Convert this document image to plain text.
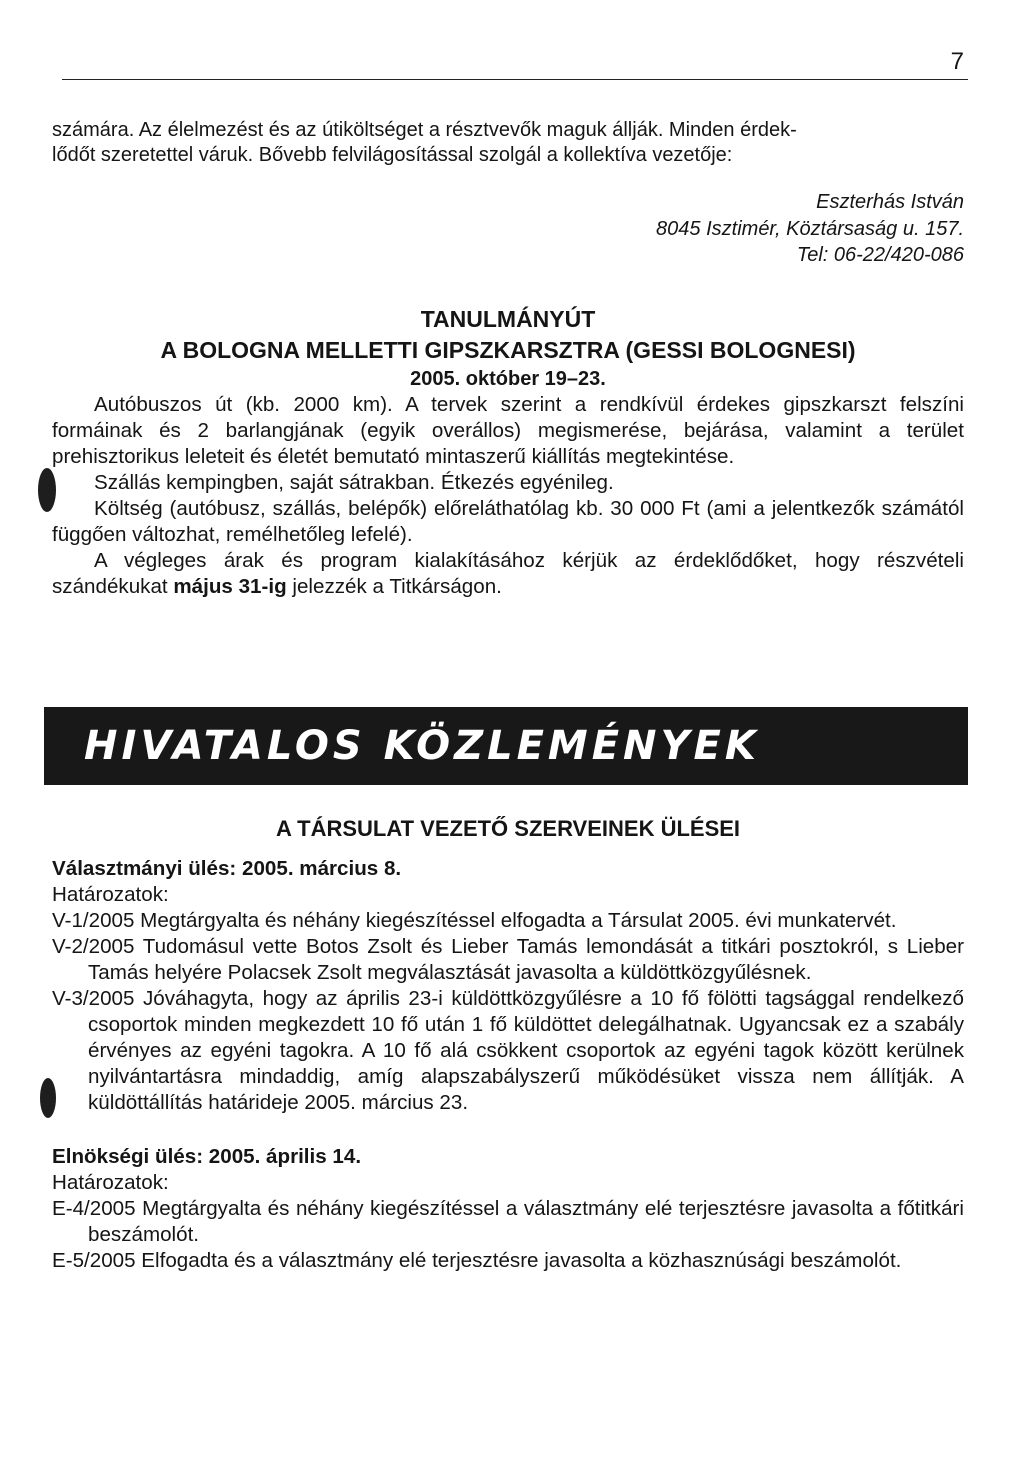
7

számára. Az élelmezést és az útiköltséget a résztvevők maguk állják. Minden érdek-

lődőt szeretettel váruk. Bővebb felvilágosítással szolgál a kollektíva vezetője:

Eszterhás István
8045 Isztimér, Köztársaság u. 157.
Tel: 06-22/420-086
TANULMÁNYÚT
A BOLOGNA MELLETTI GIPSZKARSZTRA (GESSI BOLOGNESI)
2005. október 19–23.

Autóbuszos út (kb. 2000 km). A tervek szerint a rendkívül érdekes gipszkarszt felszíni formáinak és 2 barlangjának (egyik overállos) megismerése, bejárása, valamint a terület prehisztorikus leleteit és életét bemutató mintaszerű kiállítás megtekintése.

Szállás kempingben, saját sátrakban. Étkezés egyénileg.

Költség (autóbusz, szállás, belépők) előreláthatólag kb. 30 000 Ft (ami a jelentkezők számától függően változhat, remélhetőleg lefelé).

A végleges árak és program kialakításához kérjük az érdeklődőket, hogy részvételi szándékukat május 31-ig jelezzék a Titkárságon.

HIVATALOS KÖZLEMÉNYEK
A TÁRSULAT VEZETŐ SZERVEINEK ÜLÉSEI

Választmányi ülés: 2005. március 8.

Határozatok:

V-1/2005 Megtárgyalta és néhány kiegészítéssel elfogadta a Társulat 2005. évi munkatervét.

V-2/2005 Tudomásul vette Botos Zsolt és Lieber Tamás lemondását a titkári posztokról, s Lieber Tamás helyére Polacsek Zsolt megválasztását javasolta a küldöttközgyűlésnek.

V-3/2005 Jóváhagyta, hogy az április 23-i küldöttközgyűlésre a 10 fő fölötti tagsággal rendelkező csoportok minden megkezdett 10 fő után 1 fő küldöttet delegálhatnak. Ugyancsak ez a szabály érvényes az egyéni tagokra. A 10 fő alá csökkent csoportok az egyéni tagok között kerülnek nyilvántartásra mindaddig, amíg alapszabályszerű működésüket vissza nem állítják. A küldöttállítás határideje 2005. március 23.

Elnökségi ülés: 2005. április 14.

Határozatok:

E-4/2005 Megtárgyalta és néhány kiegészítéssel a választmány elé terjesztésre javasolta a főtitkári beszámolót.

E-5/2005 Elfogadta és a választmány elé terjesztésre javasolta a közhasznúsági beszámolót.
